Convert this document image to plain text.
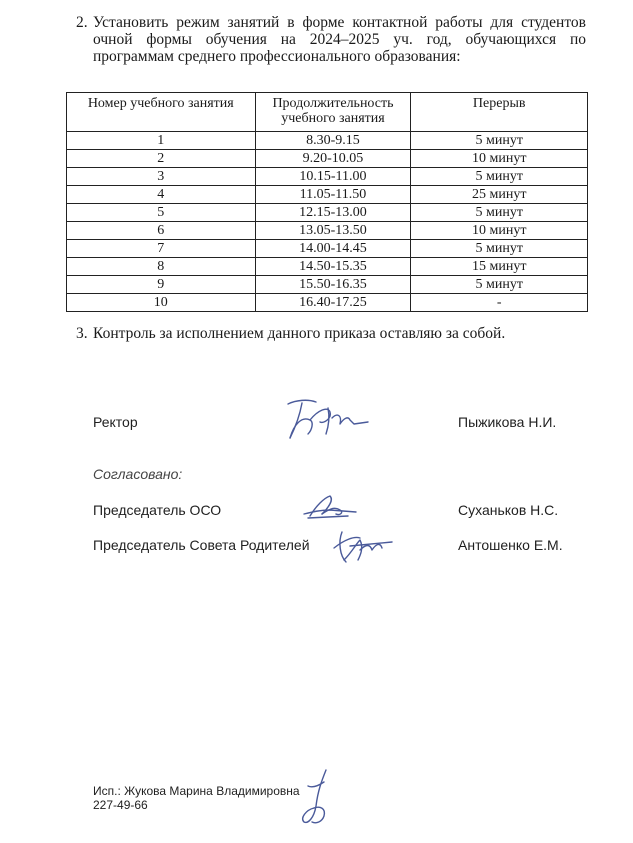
2. Установить режим занятий в форме контактной работы для студентов очной формы обучения на 2024–2025 уч. год, обучающихся по программам среднего профессионального образования:
Номер учебного занятия	Продолжительность учебного занятия	Перерыв
1	8.30-9.15	5 минут
2	9.20-10.05	10 минут
3	10.15-11.00	5 минут
4	11.05-11.50	25 минут
5	12.15-13.00	5 минут
6	13.05-13.50	10 минут
7	14.00-14.45	5 минут
8	14.50-15.35	15 минут
9	15.50-16.35	5 минут
10	16.40-17.25	-
3. Контроль за исполнением данного приказа оставляю за собой.
Ректор	Пыжикова Н.И.
Согласовано:
Председатель ОСО	Суханьков Н.С.
Председатель Совета Родителей	Антошенко Е.М.
Исп.: Жукова Марина Владимировна
227-49-66
